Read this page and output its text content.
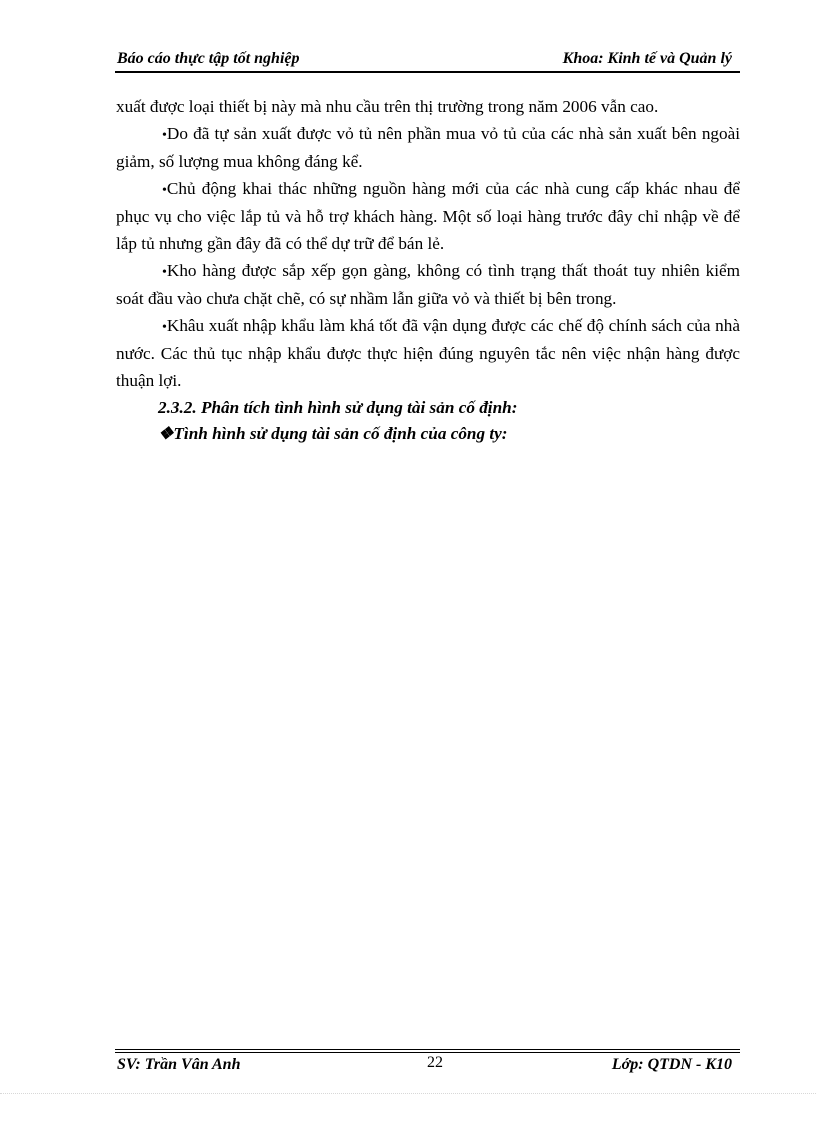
Báo cáo thực tập tốt nghiệp	Khoa: Kinh tế và Quản lý

xuất được loại thiết bị này mà nhu cầu trên thị trường trong năm 2006 vẫn cao.

•Do đã tự sản xuất được vỏ tủ nên phần mua vỏ tủ của các nhà sản xuất bên ngoài giảm, số lượng mua không đáng kể.

•Chủ động khai thác những nguồn hàng mới của các nhà cung cấp khác nhau để phục vụ cho việc lắp tủ và hỗ trợ khách hàng. Một số loại hàng trước đây chỉ nhập về để lắp tủ nhưng gần đây đã có thể dự trữ để bán lẻ.

•Kho hàng được sắp xếp gọn gàng, không có tình trạng thất thoát tuy nhiên kiểm soát đầu vào chưa chặt chẽ, có sự nhầm lẫn giữa vỏ và thiết bị bên trong.

•Khâu xuất nhập khẩu làm khá tốt đã vận dụng được các chế độ chính sách của nhà nước. Các thủ tục nhập khẩu được thực hiện đúng nguyên tắc nên việc nhận hàng được thuận lợi.

2.3.2. Phân tích tình hình sử dụng tài sản cố định:

❖Tình hình sử dụng tài sản cố định của công ty:

SV: Trần Vân Anh	22	Lớp: QTDN - K10
